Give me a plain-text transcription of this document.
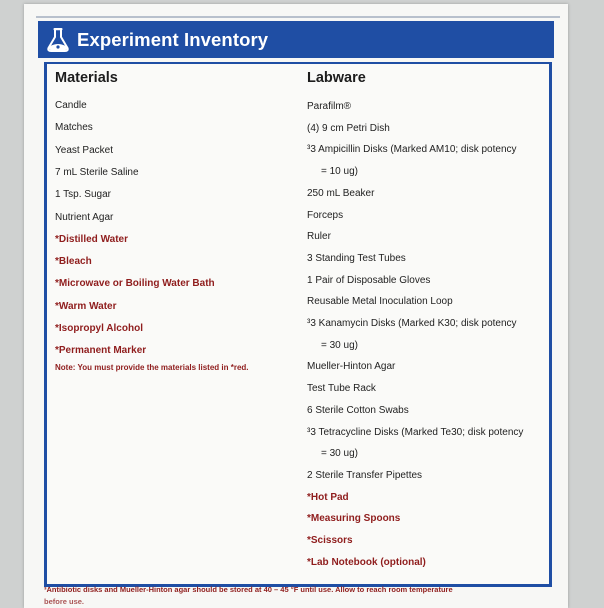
Experiment Inventory
Materials
Candle
Matches
Yeast Packet
7 mL Sterile Saline
1 Tsp. Sugar
Nutrient Agar
*Distilled Water
*Bleach
*Microwave or Boiling Water Bath
*Warm Water
*Isopropyl Alcohol
*Permanent Marker
Note: You must provide the materials listed in *red.
Labware
Parafilm®
(4) 9 cm Petri Dish
³3 Ampicillin Disks (Marked AM10; disk potency
= 10 ug)
250 mL Beaker
Forceps
Ruler
3 Standing Test Tubes
1 Pair of Disposable Gloves
Reusable Metal Inoculation Loop
³3 Kanamycin Disks (Marked K30; disk potency
= 30 ug)
Mueller-Hinton Agar
Test Tube Rack
6 Sterile Cotton Swabs
³3 Tetracycline Disks (Marked Te30; disk potency
= 30 ug)
2 Sterile Transfer Pipettes
*Hot Pad
*Measuring Spoons
*Scissors
*Lab Notebook (optional)
³Antibiotic disks and Mueller-Hinton agar should be stored at 40 – 45 °F until use. Allow to reach room temperature
before use.
